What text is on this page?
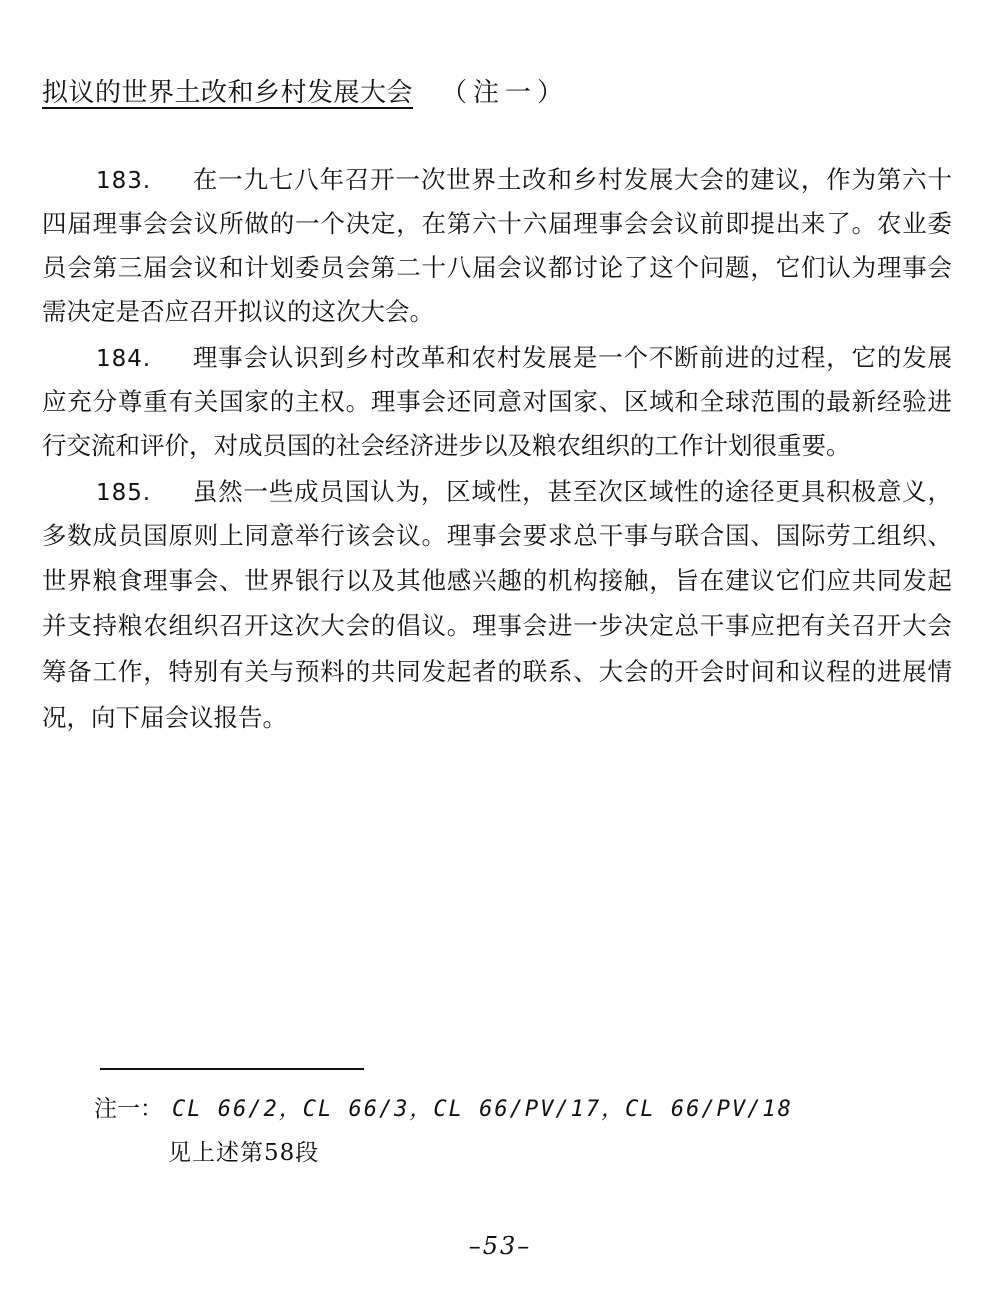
拟议的世界土改和乡村发展大会 （注一）
183. 在一九七八年召开一次世界土改和乡村发展大会的建议，作为第六十
四届理事会会议所做的一个决定，在第六十六届理事会会议前即提出来了。农业委
员会第三届会议和计划委员会第二十八届会议都讨论了这个问题，它们认为理事会
需决定是否应召开拟议的这次大会。
184. 理事会认识到乡村改革和农村发展是一个不断前进的过程，它的发展
应充分尊重有关国家的主权。理事会还同意对国家、区域和全球范围的最新经验进
行交流和评价，对成员国的社会经济进步以及粮农组织的工作计划很重要。
185. 虽然一些成员国认为，区域性，甚至次区域性的途径更具积极意义，
多数成员国原则上同意举行该会议。理事会要求总干事与联合国、国际劳工组织、
世界粮食理事会、世界银行以及其他感兴趣的机构接触，旨在建议它们应共同发起
并支持粮农组织召开这次大会的倡议。理事会进一步决定总干事应把有关召开大会
筹备工作，特别有关与预料的共同发起者的联系、大会的开会时间和议程的进展情
况，向下届会议报告。
注一： CL 66/2，CL 66/3，CL 66/PV/17，CL 66/PV/18
见上述第58段
–53–
